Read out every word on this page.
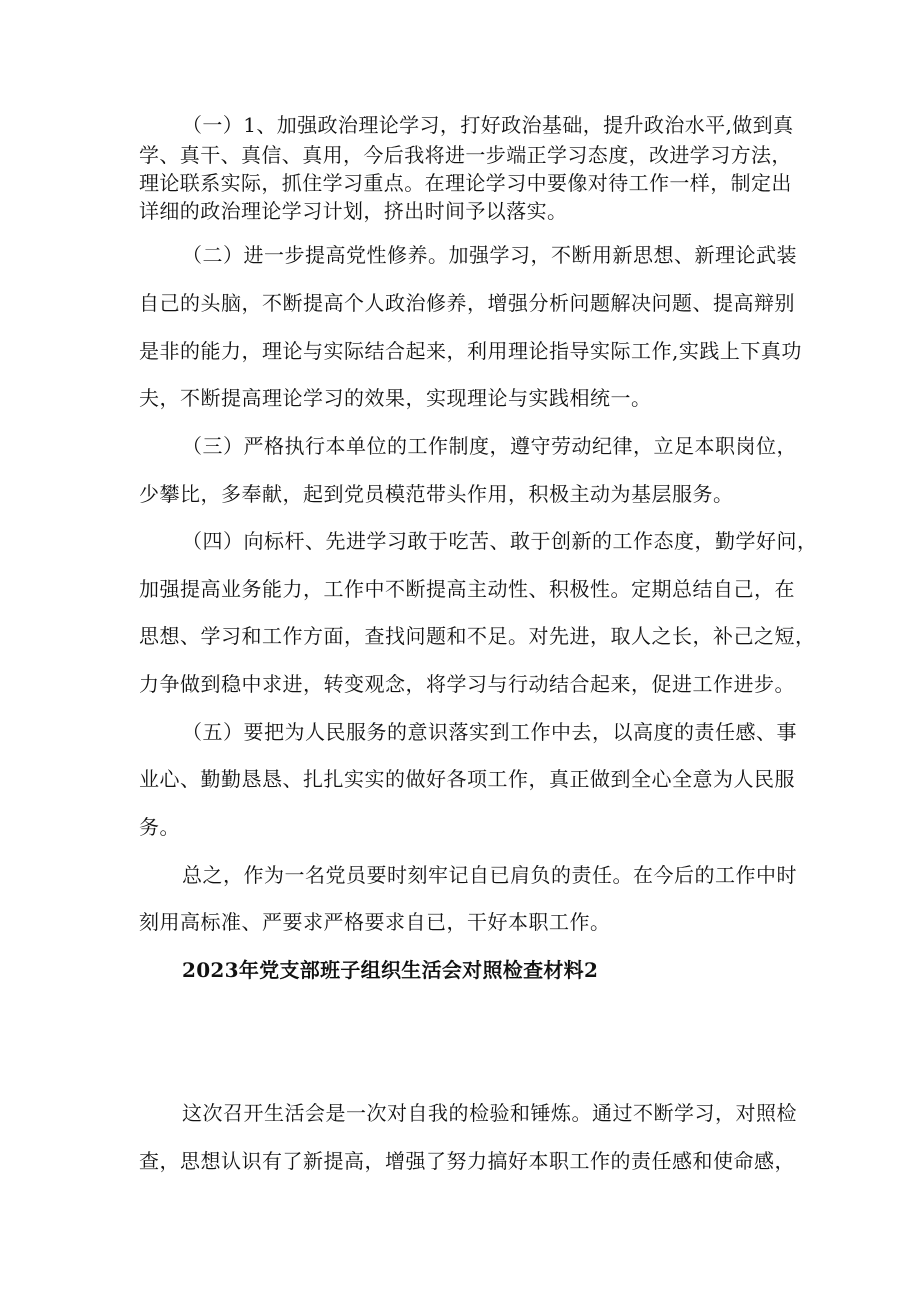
（一）1、加强政治理论学习，打好政治基础，提升政治水平,做到真

学、真干、真信、真用，今后我将进一步端正学习态度，改进学习方法，

理论联系实际，抓住学习重点。在理论学习中要像对待工作一样，制定出

详细的政治理论学习计划，挤出时间予以落实。

（二）进一步提高党性修养。加强学习，不断用新思想、新理论武装

自己的头脑，不断提高个人政治修养，增强分析问题解决问题、提高辩别

是非的能力，理论与实际结合起来，利用理论指导实际工作,实践上下真功

夫，不断提高理论学习的效果，实现理论与实践相统一。

（三）严格执行本单位的工作制度，遵守劳动纪律，立足本职岗位，

少攀比，多奉献，起到党员模范带头作用，积极主动为基层服务。

（四）向标杆、先进学习敢于吃苦、敢于创新的工作态度，勤学好问，

加强提高业务能力，工作中不断提高主动性、积极性。定期总结自己，在

思想、学习和工作方面，查找问题和不足。对先进，取人之长，补己之短，

力争做到稳中求进，转变观念，将学习与行动结合起来，促进工作进步。

（五）要把为人民服务的意识落实到工作中去，以高度的责任感、事

业心、勤勤恳恳、扎扎实实的做好各项工作，真正做到全心全意为人民服

务。

总之，作为一名党员要时刻牢记自已肩负的责任。在今后的工作中时

刻用高标准、严要求严格要求自已，干好本职工作。

2023年党支部班子组织生活会对照检查材料2

这次召开生活会是一次对自我的检验和锤炼。通过不断学习，对照检

查，思想认识有了新提高，增强了努力搞好本职工作的责任感和使命感，
